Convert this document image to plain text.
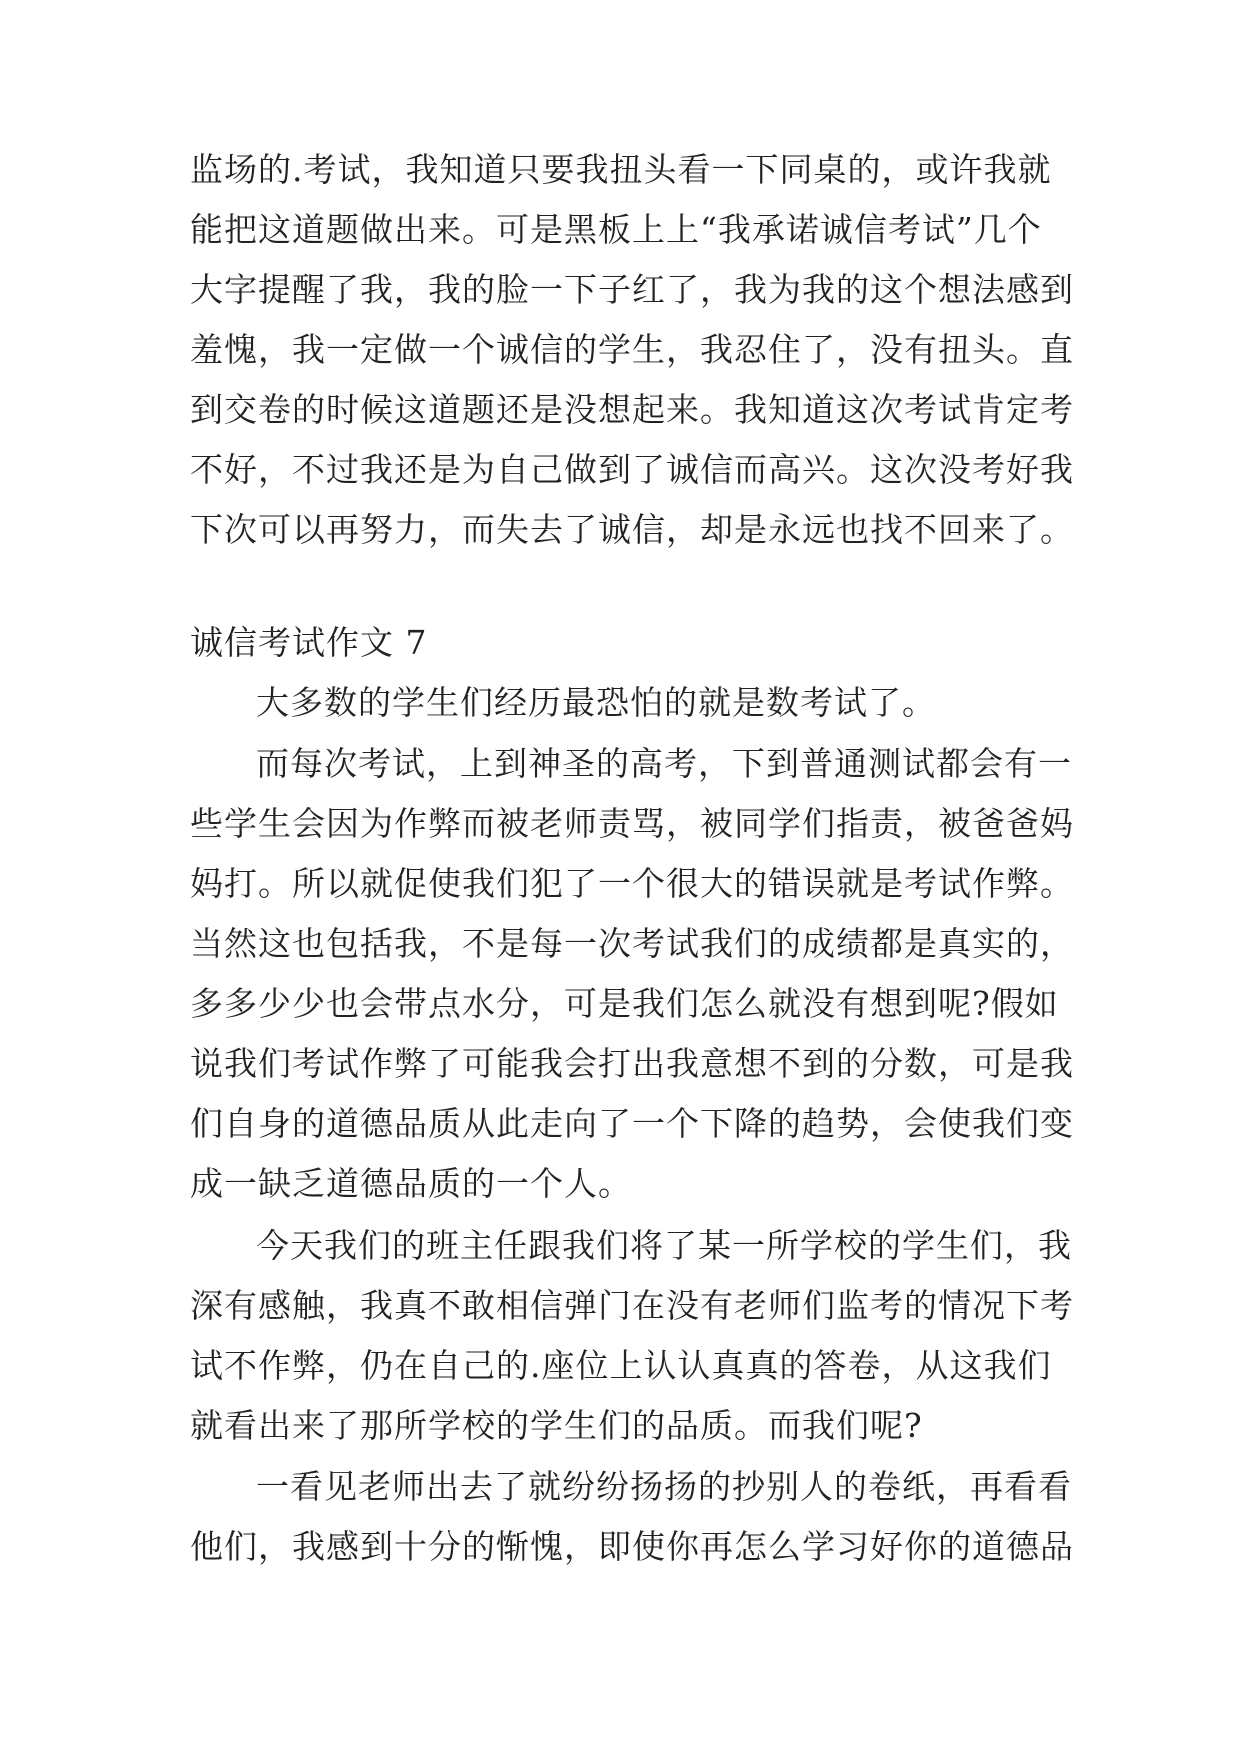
监场的.考试，我知道只要我扭头看一下同桌的，或许我就
能把这道题做出来。可是黑板上上“我承诺诚信考试”几个
大字提醒了我，我的脸一下子红了，我为我的这个想法感到
羞愧，我一定做一个诚信的学生，我忍住了，没有扭头。直
到交卷的时候这道题还是没想起来。我知道这次考试肯定考
不好，不过我还是为自己做到了诚信而高兴。这次没考好我
下次可以再努力，而失去了诚信，却是永远也找不回来了。
诚信考试作文 7
大多数的学生们经历最恐怕的就是数考试了。
而每次考试，上到神圣的高考，下到普通测试都会有一
些学生会因为作弊而被老师责骂，被同学们指责，被爸爸妈
妈打。所以就促使我们犯了一个很大的错误就是考试作弊。
当然这也包括我，不是每一次考试我们的成绩都是真实的，
多多少少也会带点水分，可是我们怎么就没有想到呢?假如
说我们考试作弊了可能我会打出我意想不到的分数，可是我
们自身的道德品质从此走向了一个下降的趋势，会使我们变
成一缺乏道德品质的一个人。
今天我们的班主任跟我们将了某一所学校的学生们，我
深有感触，我真不敢相信弹门在没有老师们监考的情况下考
试不作弊，仍在自己的.座位上认认真真的答卷，从这我们
就看出来了那所学校的学生们的品质。而我们呢?
一看见老师出去了就纷纷扬扬的抄别人的卷纸，再看看
他们，我感到十分的惭愧，即使你再怎么学习好你的道德品
